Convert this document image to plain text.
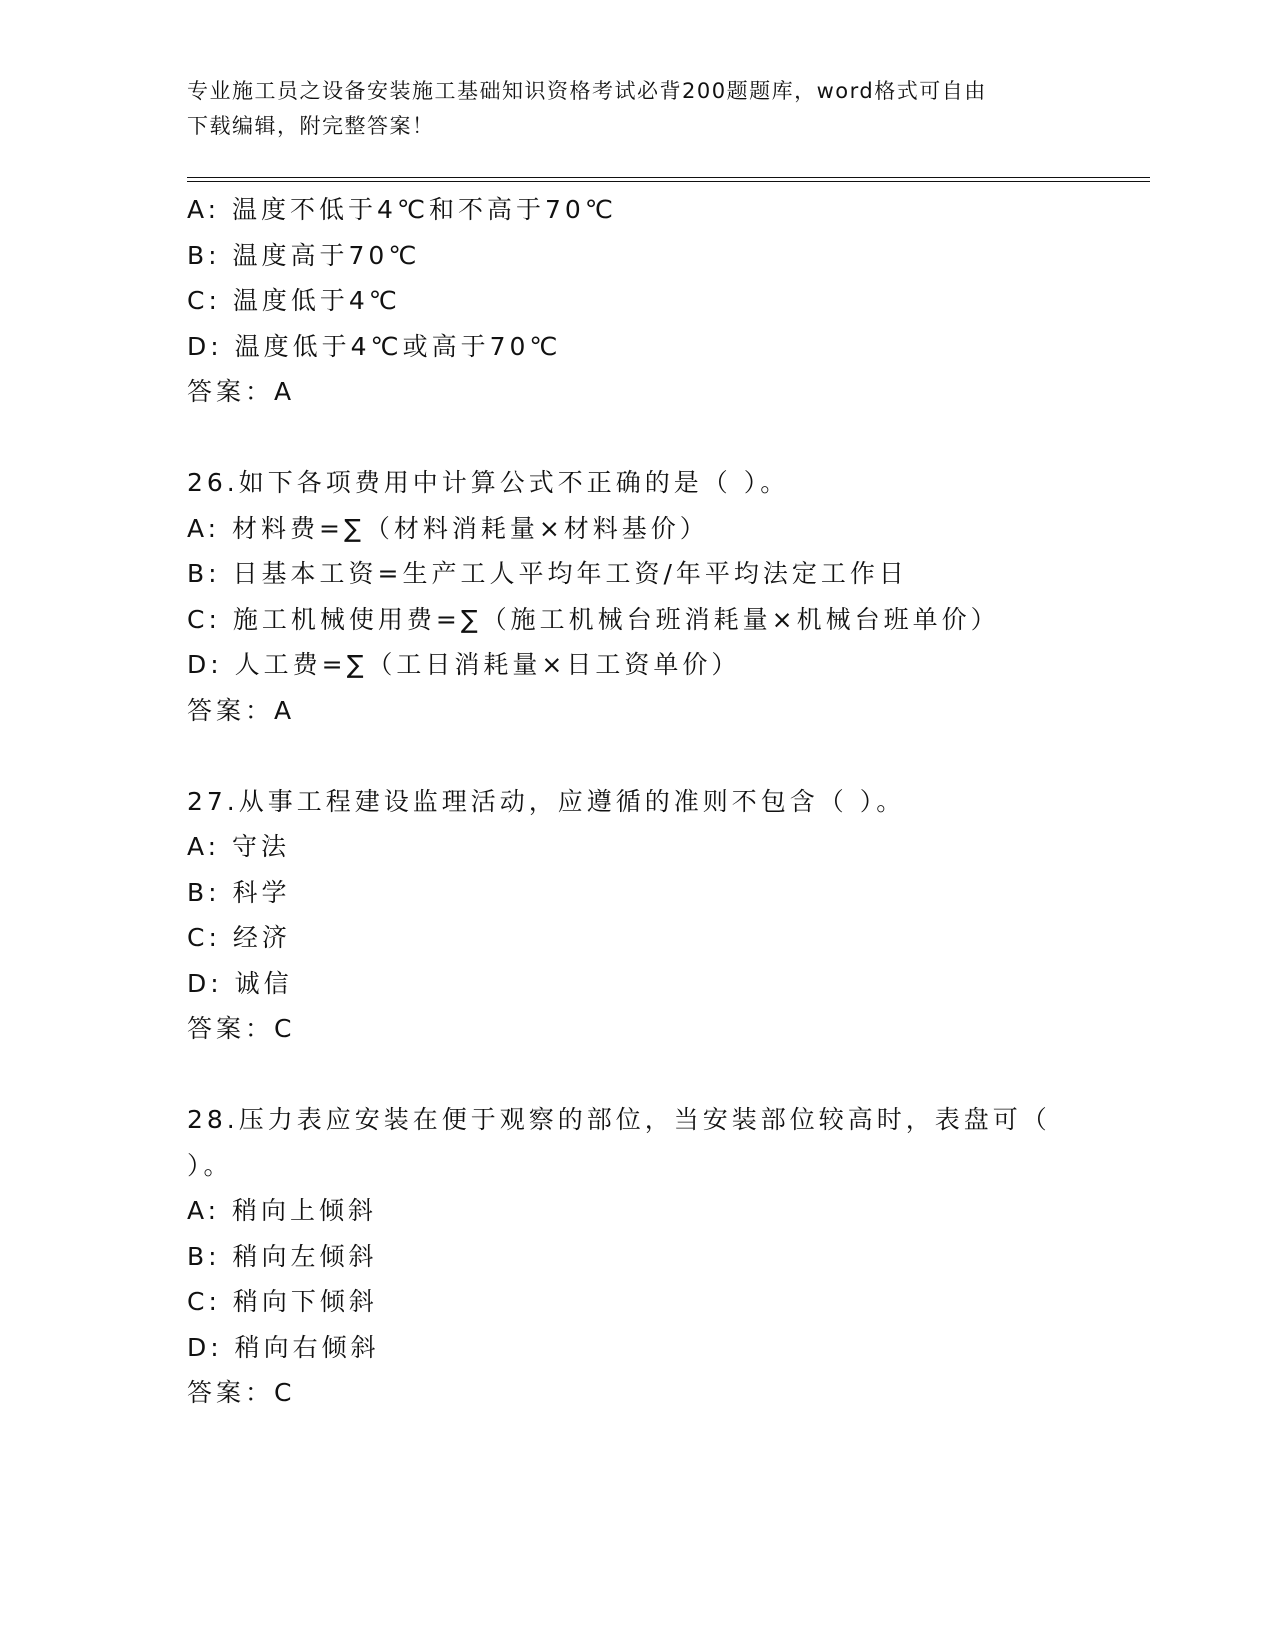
专业施工员之设备安装施工基础知识资格考试必背200题题库，word格式可自由
下载编辑，附完整答案！
A: 温度不低于4℃和不高于70℃
B: 温度高于70℃
C: 温度低于4℃
D: 温度低于4℃或高于70℃
答案：A
26.如下各项费用中计算公式不正确的是（ ）。
A: 材料费=∑（材料消耗量×材料基价）
B: 日基本工资=生产工人平均年工资/年平均法定工作日
C: 施工机械使用费=∑（施工机械台班消耗量×机械台班单价）
D: 人工费=∑（工日消耗量×日工资单价）
答案：A
27.从事工程建设监理活动，应遵循的准则不包含（ ）。
A: 守法
B: 科学
C: 经济
D: 诚信
答案：C
28.压力表应安装在便于观察的部位，当安装部位较高时，表盘可（
）。
A: 稍向上倾斜
B: 稍向左倾斜
C: 稍向下倾斜
D: 稍向右倾斜
答案：C
